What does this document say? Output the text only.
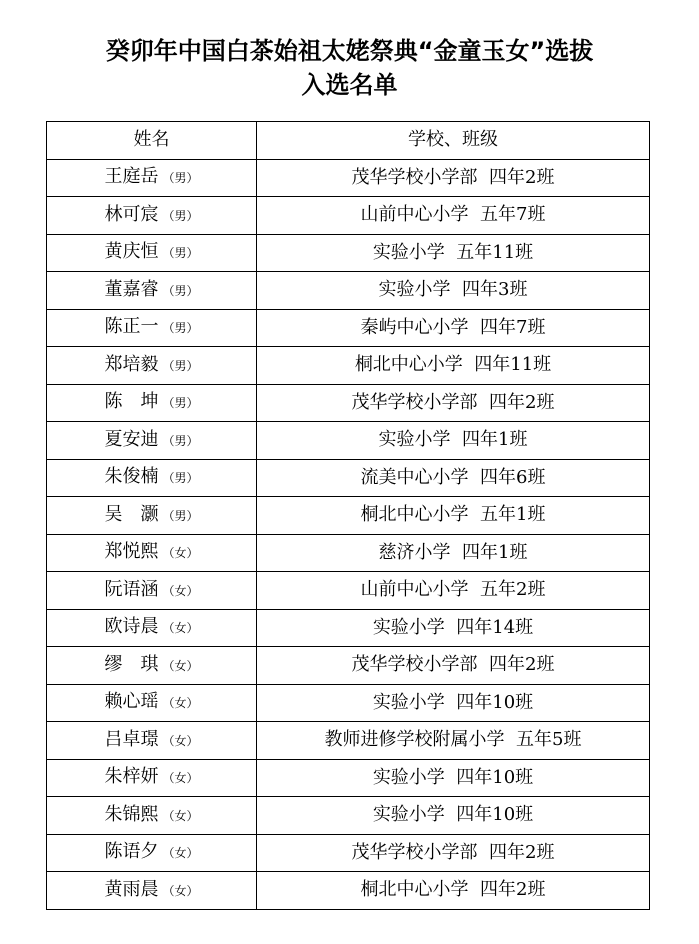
癸卯年中国白茶始祖太姥祭典“金童玉女”选拔
入选名单
姓名	学校、班级
王庭岳 （男）	茂华学校小学部  四年2班
林可宸 （男）	山前中心小学  五年7班
黄庆恒 （男）	实验小学  五年11班
董嘉睿 （男）	实验小学  四年3班
陈正一 （男）	秦屿中心小学  四年7班
郑培毅 （男）	桐北中心小学  四年11班
陈　坤 （男）	茂华学校小学部  四年2班
夏安迪 （男）	实验小学  四年1班
朱俊楠 （男）	流美中心小学  四年6班
吴　灏 （男）	桐北中心小学  五年1班
郑悦熙 （女）	慈济小学  四年1班
阮语涵 （女）	山前中心小学  五年2班
欧诗晨 （女）	实验小学  四年14班
缪　琪 （女）	茂华学校小学部  四年2班
赖心瑶 （女）	实验小学  四年10班
吕卓璟 （女）	教师进修学校附属小学  五年5班
朱梓妍 （女）	实验小学  四年10班
朱锦熙 （女）	实验小学  四年10班
陈语夕 （女）	茂华学校小学部  四年2班
黄雨晨 （女）	桐北中心小学  四年2班
